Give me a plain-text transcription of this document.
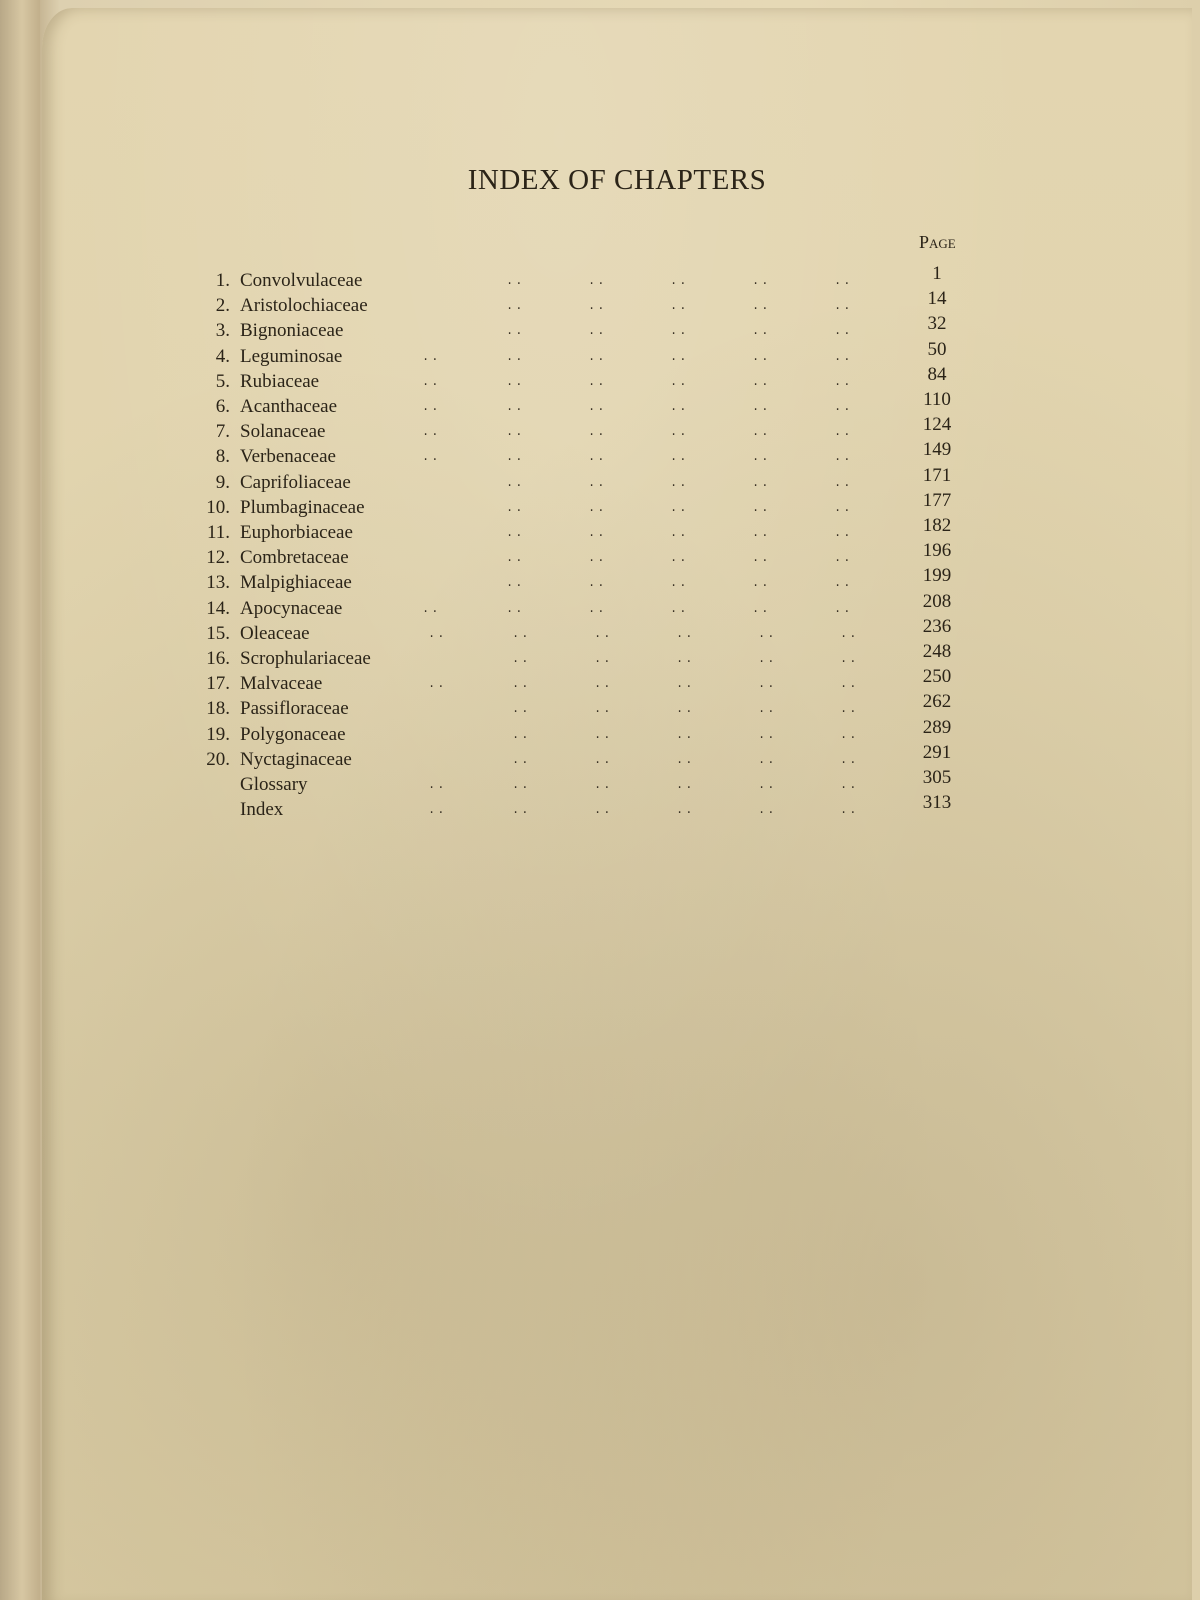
INDEX OF CHAPTERS
Page
1. Convolvulaceae	..	..	..	..	..	1
2. Aristolochiaceae	..	..	..	..	..	14
3. Bignoniaceae	..	..	..	..	..	32
4. Leguminosae	..	..	..	..	..	..	50
5. Rubiaceae	..	..	..	..	..	..	84
6. Acanthaceae	..	..	..	..	..	..	110
7. Solanaceae	..	..	..	..	..	..	124
8. Verbenaceae	..	..	..	..	..	..	149
9. Caprifoliaceae	..	..	..	..	..	171
10. Plumbaginaceae	..	..	..	..	..	177
11. Euphorbiaceae	..	..	..	..	..	182
12. Combretaceae	..	..	..	..	..	196
13. Malpighiaceae	..	..	..	..	..	199
14. Apocynaceae	..	..	..	..	..	..	208
15. Oleaceae	..	..	..	..	..	..	236
16. Scrophulariaceae	..	..	..	..	..	248
17. Malvaceae	..	..	..	..	..	..	250
18. Passifloraceae	..	..	..	..	..	262
19. Polygonaceae	..	..	..	..	..	289
20. Nyctaginaceae	..	..	..	..	..	291
Glossary	..	..	..	..	..	..	305
Index	..	..	..	..	..	..	313
